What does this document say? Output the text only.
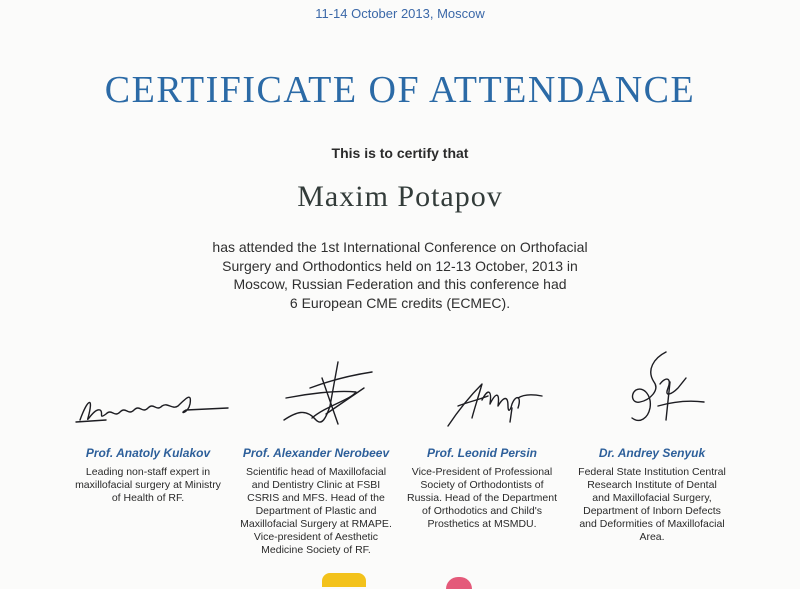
11-14 October 2013, Moscow
CERTIFICATE OF ATTENDANCE
This is to certify that
Maxim Potapov
has attended the 1st International Conference on Orthofacial
Surgery and Orthodontics held on 12-13 October, 2013 in
Moscow, Russian Federation and this conference had
6 European CME credits (ECMEC).
Prof. Anatoly Kulakov
Leading non-staff expert in
maxillofacial surgery at Ministry
of Health of RF.
Prof. Alexander Nerobeev
Scientific head of Maxillofacial
and Dentistry Clinic at FSBI
CSRIS and MFS. Head of the
Department of Plastic and
Maxillofacial Surgery at RMAPE.
Vice-president of Aesthetic
Medicine Society of RF.
Prof. Leonid Persin
Vice-President of Professional
Society of Orthodontists of
Russia. Head of the Department
of Orthodotics and Child's
Prosthetics at MSMDU.
Dr. Andrey Senyuk
Federal State Institution Central
Research Institute of Dental
and Maxillofacial Surgery,
Department of Inborn Defects
and Deformities of Maxillofacial
Area.
